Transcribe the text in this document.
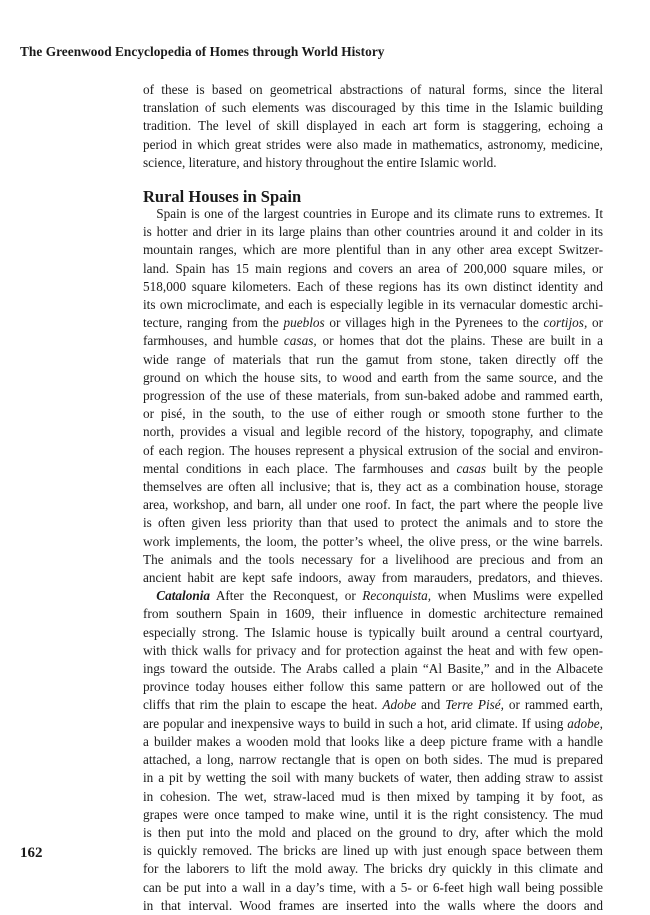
The Greenwood Encyclopedia of Homes through World History
of these is based on geometrical abstractions of natural forms, since the literal
translation of such elements was discouraged by this time in the Islamic building
tradition. The level of skill displayed in each art form is staggering, echoing a
period in which great strides were also made in mathematics, astronomy, medicine,
science, literature, and history throughout the entire Islamic world.
Rural Houses in Spain
 Spain is one of the largest countries in Europe and its climate runs to extremes. It
is hotter and drier in its large plains than other countries around it and colder in its
mountain ranges, which are more plentiful than in any other area except Switzer-
land. Spain has 15 main regions and covers an area of 200,000 square miles, or
518,000 square kilometers. Each of these regions has its own distinct identity and
its own microclimate, and each is especially legible in its vernacular domestic archi-
tecture, ranging from the pueblos or villages high in the Pyrenees to the cortijos, or
farmhouses, and humble casas, or homes that dot the plains. These are built in a
wide range of materials that run the gamut from stone, taken directly off the
ground on which the house sits, to wood and earth from the same source, and the
progression of the use of these materials, from sun-baked adobe and rammed earth,
or pisé, in the south, to the use of either rough or smooth stone further to the
north, provides a visual and legible record of the history, topography, and climate
of each region. The houses represent a physical extrusion of the social and environ-
mental conditions in each place. The farmhouses and casas built by the people
themselves are often all inclusive; that is, they act as a combination house, storage
area, workshop, and barn, all under one roof. In fact, the part where the people live
is often given less priority than that used to protect the animals and to store the
work implements, the loom, the potter’s wheel, the olive press, or the wine barrels.
The animals and the tools necessary for a livelihood are precious and from an
ancient habit are kept safe indoors, away from marauders, predators, and thieves.
 Catalonia After the Reconquest, or Reconquista, when Muslims were expelled
from southern Spain in 1609, their influence in domestic architecture remained
especially strong. The Islamic house is typically built around a central courtyard,
with thick walls for privacy and for protection against the heat and with few open-
ings toward the outside. The Arabs called a plain “Al Basite,” and in the Albacete
province today houses either follow this same pattern or are hollowed out of the
cliffs that rim the plain to escape the heat. Adobe and Terre Pisé, or rammed earth,
are popular and inexpensive ways to build in such a hot, arid climate. If using adobe,
a builder makes a wooden mold that looks like a deep picture frame with a handle
attached, a long, narrow rectangle that is open on both sides. The mud is prepared
in a pit by wetting the soil with many buckets of water, then adding straw to assist
in cohesion. The wet, straw-laced mud is then mixed by tamping it by foot, as
grapes were once tamped to make wine, until it is the right consistency. The mud
is then put into the mold and placed on the ground to dry, after which the mold
is quickly removed. The bricks are lined up with just enough space between them
for the laborers to lift the mold away. The bricks dry quickly in this climate and
can be put into a wall in a day’s time, with a 5- or 6-feet high wall being possible
in that interval. Wood frames are inserted into the walls where the doors and
162
